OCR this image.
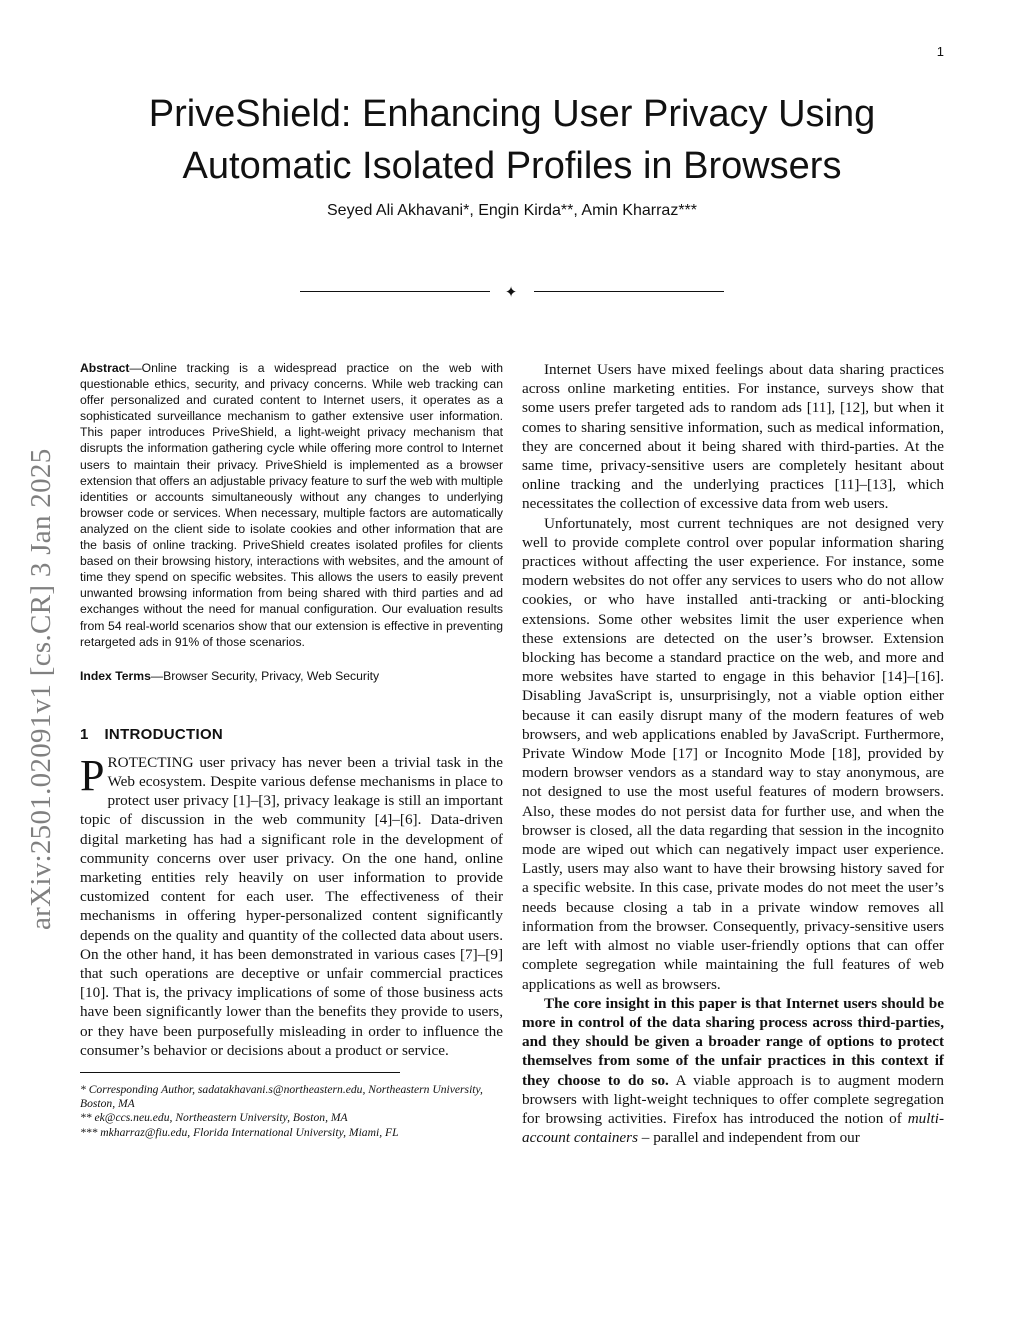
1
PriveShield: Enhancing User Privacy Using
Automatic Isolated Profiles in Browsers
Seyed Ali Akhavani*, Engin Kirda**, Amin Kharraz***
✦
arXiv:2501.02091v1 [cs.CR] 3 Jan 2025

Abstract—Online tracking is a widespread practice on the web with questionable ethics, security, and privacy concerns. While web tracking can offer personalized and curated content to Internet users, it operates as a sophisticated surveillance mechanism to gather extensive user information. This paper introduces PriveShield, a light-weight privacy mechanism that disrupts the information gathering cycle while offering more control to Internet users to maintain their privacy. PriveShield is implemented as a browser extension that offers an adjustable privacy feature to surf the web with multiple identities or accounts simultaneously without any changes to underlying browser code or services. When necessary, multiple factors are automatically analyzed on the client side to isolate cookies and other information that are the basis of online tracking. PriveShield creates isolated profiles for clients based on their browsing history, interactions with websites, and the amount of time they spend on specific websites. This allows the users to easily prevent unwanted browsing information from being shared with third parties and ad exchanges without the need for manual configuration. Our evaluation results from 54 real-world scenarios show that our extension is effective in preventing retargeted ads in 91% of those scenarios.

Index Terms—Browser Security, Privacy, Web Security

1 INTRODUCTION

PROTECTING user privacy has never been a trivial task in the Web ecosystem. Despite various defense mechanisms in place to protect user privacy [1]–[3], privacy leakage is still an important topic of discussion in the web community [4]–[6]. Data-driven digital marketing has had a significant role in the development of community concerns over user privacy. On the one hand, online marketing entities rely heavily on user information to provide customized content for each user. The effectiveness of their mechanisms in offering hyper-personalized content significantly depends on the quality and quantity of the collected data about users. On the other hand, it has been demonstrated in various cases [7]–[9] that such operations are deceptive or unfair commercial practices [10]. That is, the privacy implications of some of those business acts have been significantly lower than the benefits they provide to users, or they have been purposefully misleading in order to influence the consumer’s behavior or decisions about a product or service.

* Corresponding Author, sadatakhavani.s@northeastern.edu, Northeastern University, Boston, MA

** ek@ccs.neu.edu, Northeastern University, Boston, MA

*** mkharraz@fiu.edu, Florida International University, Miami, FL

Internet Users have mixed feelings about data sharing practices across online marketing entities. For instance, surveys show that some users prefer targeted ads to random ads [11], [12], but when it comes to sharing sensitive information, such as medical information, they are concerned about it being shared with third-parties. At the same time, privacy-sensitive users are completely hesitant about online tracking and the underlying practices [11]–[13], which necessitates the collection of excessive data from web users.

Unfortunately, most current techniques are not designed very well to provide complete control over popular information sharing practices without affecting the user experience. For instance, some modern websites do not offer any services to users who do not allow cookies, or who have installed anti-tracking or anti-blocking extensions. Some other websites limit the user experience when these extensions are detected on the user’s browser. Extension blocking has become a standard practice on the web, and more and more websites have started to engage in this behavior [14]–[16]. Disabling JavaScript is, unsurprisingly, not a viable option either because it can easily disrupt many of the modern features of web browsers, and web applications enabled by JavaScript. Furthermore, Private Window Mode [17] or Incognito Mode [18], provided by modern browser vendors as a standard way to stay anonymous, are not designed to use the most useful features of modern browsers. Also, these modes do not persist data for further use, and when the browser is closed, all the data regarding that session in the incognito mode are wiped out which can negatively impact user experience. Lastly, users may also want to have their browsing history saved for a specific website. In this case, private modes do not meet the user’s needs because closing a tab in a private window removes all information from the browser. Consequently, privacy-sensitive users are left with almost no viable user-friendly options that can offer complete segregation while maintaining the full features of web applications as well as browsers.

The core insight in this paper is that Internet users should be more in control of the data sharing process across third-parties, and they should be given a broader range of options to protect themselves from some of the unfair practices in this context if they choose to do so. A viable approach is to augment modern browsers with light-weight techniques to offer complete segregation for browsing activities. Firefox has introduced the notion of multi-account containers – parallel and independent from our
